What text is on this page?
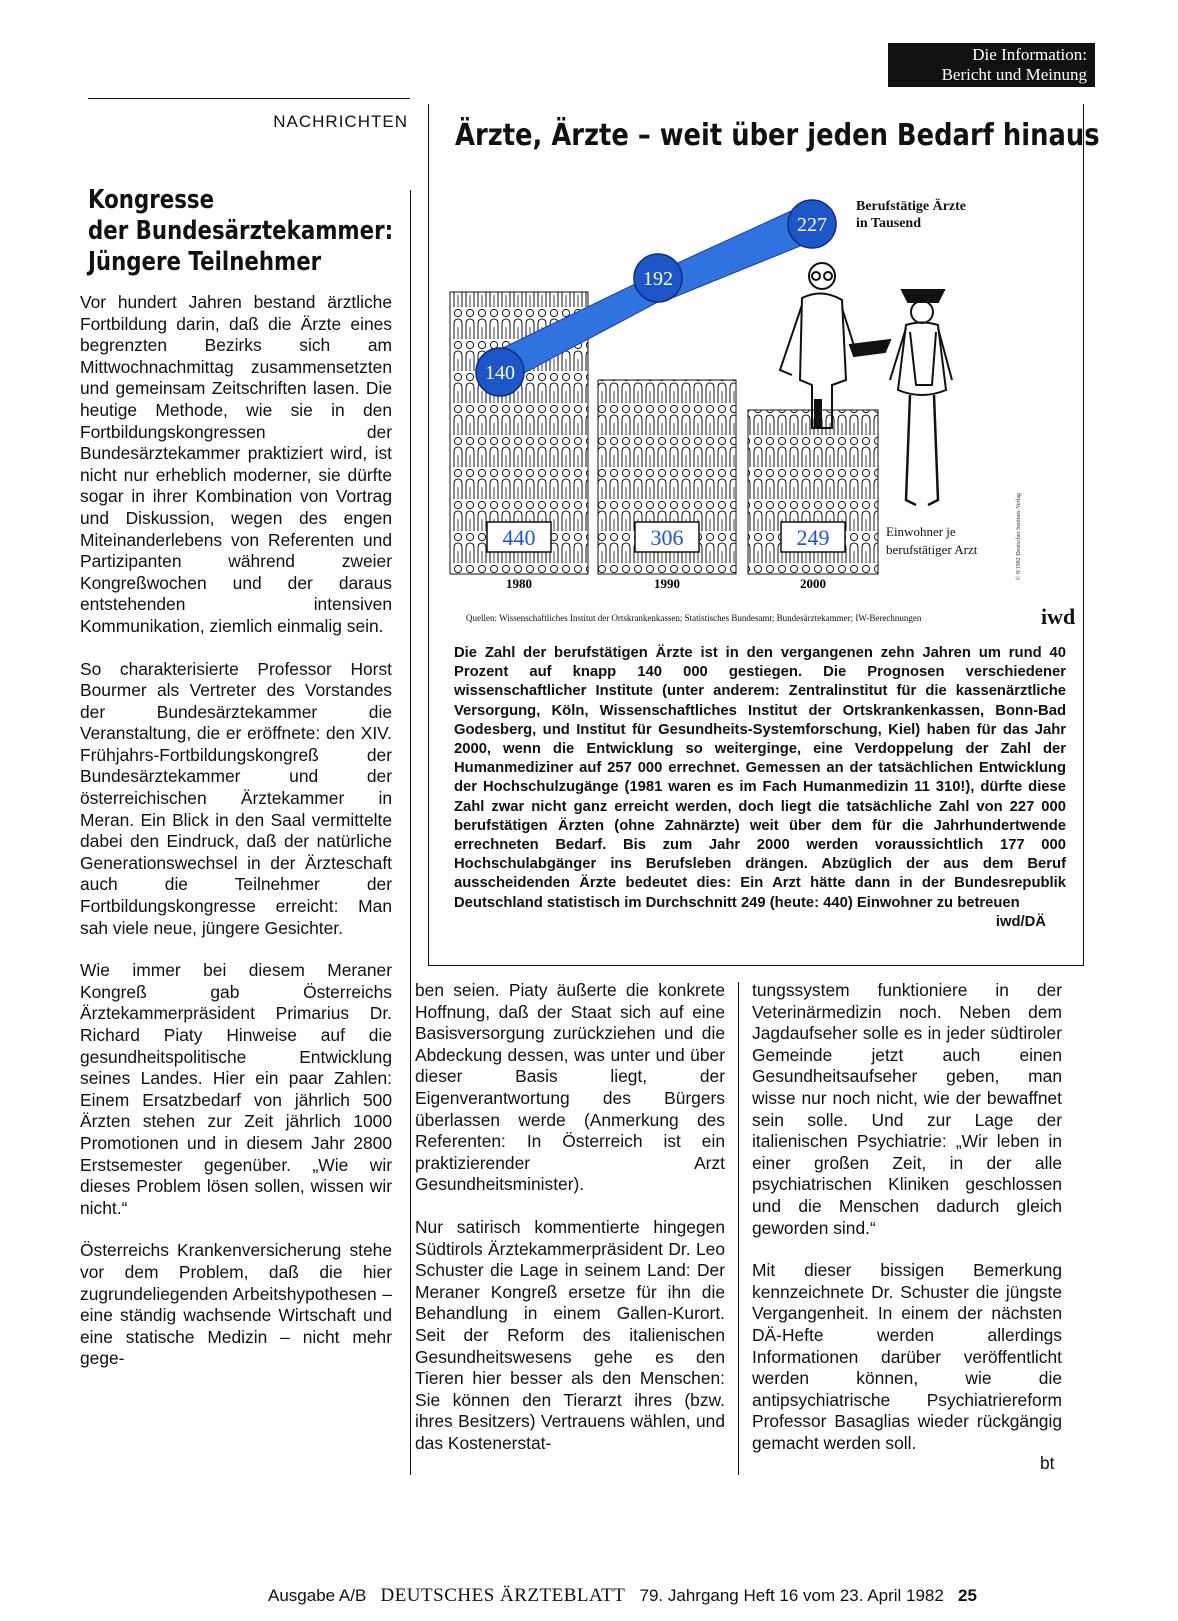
Die Information:
Bericht und Meinung
NACHRICHTEN
Kongresse
der Bundesärztekammer:
Jüngere Teilnehmer

Vor hundert Jahren bestand ärztliche Fortbildung darin, daß die Ärzte eines begrenzten Bezirks sich am Mittwochnachmittag zusammensetzten und gemeinsam Zeitschriften lasen. Die heutige Methode, wie sie in den Fortbildungskongressen der Bundesärztekammer praktiziert wird, ist nicht nur erheblich moderner, sie dürfte sogar in ihrer Kombination von Vortrag und Diskussion, wegen des engen Miteinanderlebens von Referenten und Partizipanten während zweier Kongreßwochen und der daraus entstehenden intensiven Kommunikation, ziemlich einmalig sein.

So charakterisierte Professor Horst Bourmer als Vertreter des Vorstandes der Bundesärztekammer die Veranstaltung, die er eröffnete: den XIV. Frühjahrs-Fortbildungskongreß der Bundesärztekammer und der österreichischen Ärztekammer in Meran. Ein Blick in den Saal vermittelte dabei den Eindruck, daß der natürliche Generationswechsel in der Ärzteschaft auch die Teilnehmer der Fortbildungskongresse erreicht: Man sah viele neue, jüngere Gesichter.

Wie immer bei diesem Meraner Kongreß gab Österreichs Ärztekammerpräsident Primarius Dr. Richard Piaty Hinweise auf die gesundheitspolitische Entwicklung seines Landes. Hier ein paar Zahlen: Einem Ersatzbedarf von jährlich 500 Ärzten stehen zur Zeit jährlich 1000 Promotionen und in diesem Jahr 2800 Erstsemester gegenüber. „Wie wir dieses Problem lösen sollen, wissen wir nicht.“

Österreichs Krankenversicherung stehe vor dem Problem, daß die hier zugrundeliegenden Arbeitshypothesen – eine ständig wachsende Wirtschaft und eine statische Medizin – nicht mehr gege-

ben seien. Piaty äußerte die konkrete Hoffnung, daß der Staat sich auf eine Basisversorgung zurückziehen und die Abdeckung dessen, was unter und über dieser Basis liegt, der Eigenverantwortung des Bürgers überlassen werde (Anmerkung des Referenten: In Österreich ist ein praktizierender Arzt Gesundheitsminister).

Nur satirisch kommentierte hingegen Südtirols Ärztekammerpräsident Dr. Leo Schuster die Lage in seinem Land: Der Meraner Kongreß ersetze für ihn die Behandlung in einem Gallen-Kurort. Seit der Reform des italienischen Gesundheitswesens gehe es den Tieren hier besser als den Menschen: Sie können den Tierarzt ihres (bzw. ihres Besitzers) Vertrauens wählen, und das Kostenerstat-

tungssystem funktioniere in der Veterinärmedizin noch. Neben dem Jagdaufseher solle es in jeder südtiroler Gemeinde jetzt auch einen Gesundheitsaufseher geben, man wisse nur noch nicht, wie der bewaffnet sein solle. Und zur Lage der italienischen Psychiatrie: „Wir leben in einer großen Zeit, in der alle psychiatrischen Kliniken geschlossen und die Menschen dadurch gleich geworden sind.“

Mit dieser bissigen Bemerkung kennzeichnete Dr. Schuster die jüngste Vergangenheit. In einem der nächsten DÄ-Hefte werden allerdings Informationen darüber veröffentlicht werden können, wie die antipsychiatrische Psychiatriereform Professor Basaglias wieder rückgängig gemacht werden soll.

bt
Ärzte, Ärzte – weit über jeden Bedarf hinaus
1980	1990	2000
440	306	249
140
192
227
Berufstätige Ärzte
in Tausend
Einwohner je
berufstätiger Arzt	© 8/1982 Deutscher Instituts-Verlag
Quellen: Wissenschaftliches Institut der Ortskrankenkassen; Statistisches Bundesamt; Bundesärztekammer; IW-Berechnungen	iwd
Die Zahl der berufstätigen Ärzte ist in den vergangenen zehn Jahren um rund 40 Prozent auf knapp 140 000 gestiegen. Die Prognosen verschiedener wissenschaftlicher Institute (unter anderem: Zentralinstitut für die kassenärztliche Versorgung, Köln, Wissenschaftliches Institut der Ortskrankenkassen, Bonn-Bad Godesberg, und Institut für Gesundheits-Systemforschung, Kiel) haben für das Jahr 2000, wenn die Entwicklung so weiterginge, eine Verdoppelung der Zahl der Humanmediziner auf 257 000 errechnet. Gemessen an der tatsächlichen Entwicklung der Hochschulzugänge (1981 waren es im Fach Humanmedizin 11 310!), dürfte diese Zahl zwar nicht ganz erreicht werden, doch liegt die tatsächliche Zahl von 227 000 berufstätigen Ärzten (ohne Zahnärzte) weit über dem für die Jahrhundertwende errechneten Bedarf. Bis zum Jahr 2000 werden voraussichtlich 177 000 Hochschulabgänger ins Berufsleben drängen. Abzüglich der aus dem Beruf ausscheidenden Ärzte bedeutet dies: Ein Arzt hätte dann in der Bundesrepublik Deutschland statistisch im Durchschnitt 249 (heute: 440) Einwohner zu betreuen
iwd/DÄ
Ausgabe A/B DEUTSCHES ÄRZTEBLATT 79. Jahrgang Heft 16 vom 23. April 1982 25
